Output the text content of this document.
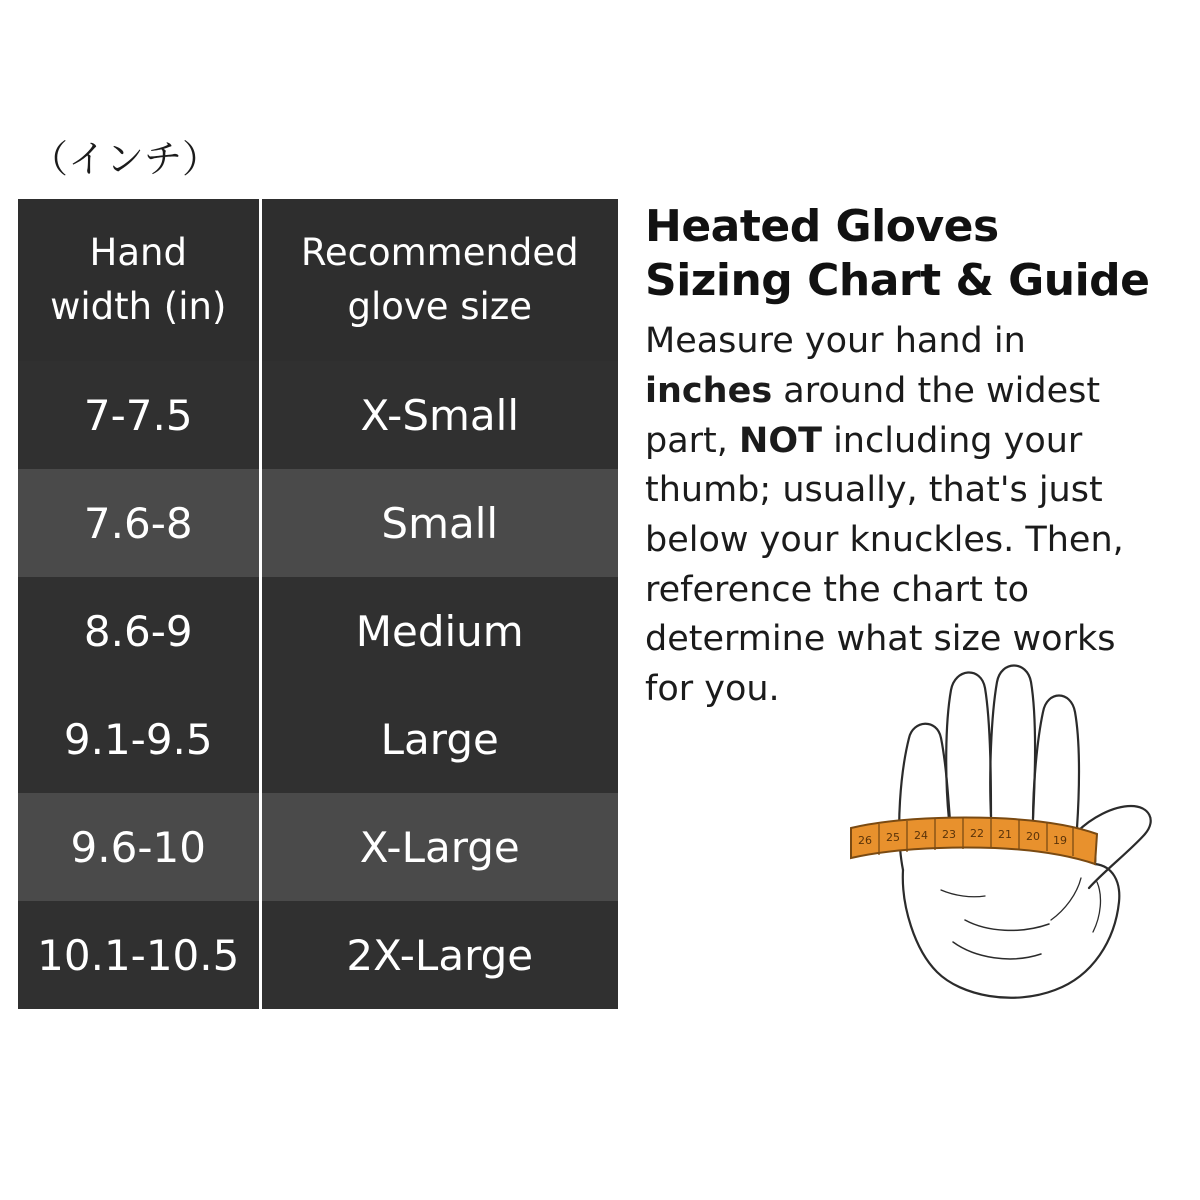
（インチ）
Hand
width (in)

Recommended
glove size

7-7.5	X-Small
7.6-8	Small
8.6-9	Medium
9.1-9.5	Large
9.6-10	X-Large
10.1-10.5	2X-Large
Heated Gloves
Sizing Chart & Guide

Measure your hand in inches around the widest part, NOT including your thumb; usually, that's just below your knuckles. Then, reference the chart to determine what size works for you.

26 25 24 23 22 21 20 19
